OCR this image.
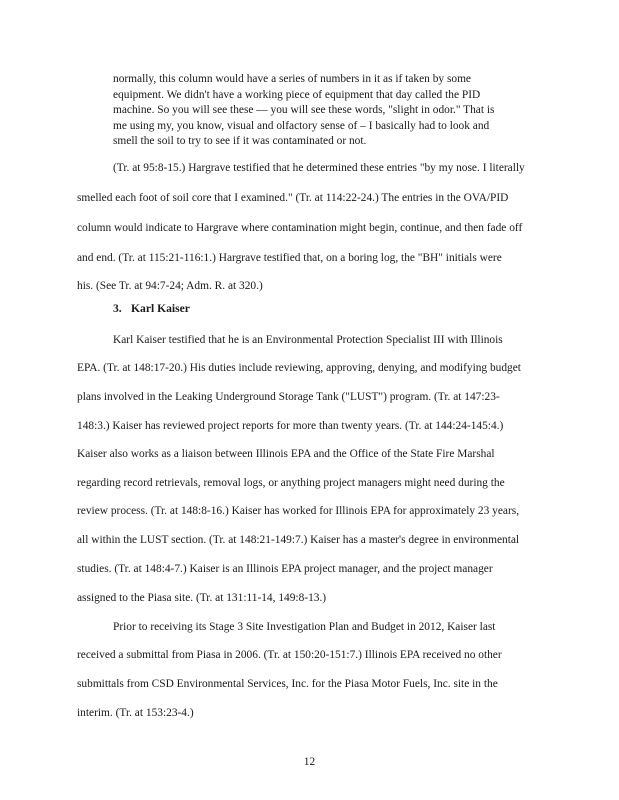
normally, this column would have a series of numbers in it as if taken by some
equipment. We didn't have a working piece of equipment that day called the PID
machine. So you will see these — you will see these words, "slight in odor." That is
me using my, you know, visual and olfactory sense of – I basically had to look and
smell the soil to try to see if it was contaminated or not.
(Tr. at 95:8-15.) Hargrave testified that he determined these entries "by my nose. I literally
smelled each foot of soil core that I examined." (Tr. at 114:22-24.) The entries in the OVA/PID
column would indicate to Hargrave where contamination might begin, continue, and then fade off
and end. (Tr. at 115:21-116:1.) Hargrave testified that, on a boring log, the "BH" initials were
his. (See Tr. at 94:7-24; Adm. R. at 320.)
3. Karl Kaiser
Karl Kaiser testified that he is an Environmental Protection Specialist III with Illinois
EPA. (Tr. at 148:17-20.) His duties include reviewing, approving, denying, and modifying budget
plans involved in the Leaking Underground Storage Tank ("LUST") program. (Tr. at 147:23-
148:3.) Kaiser has reviewed project reports for more than twenty years. (Tr. at 144:24-145:4.)
Kaiser also works as a liaison between Illinois EPA and the Office of the State Fire Marshal
regarding record retrievals, removal logs, or anything project managers might need during the
review process. (Tr. at 148:8-16.) Kaiser has worked for Illinois EPA for approximately 23 years,
all within the LUST section. (Tr. at 148:21-149:7.) Kaiser has a master's degree in environmental
studies. (Tr. at 148:4-7.) Kaiser is an Illinois EPA project manager, and the project manager
assigned to the Piasa site. (Tr. at 131:11-14, 149:8-13.)
Prior to receiving its Stage 3 Site Investigation Plan and Budget in 2012, Kaiser last
received a submittal from Piasa in 2006. (Tr. at 150:20-151:7.) Illinois EPA received no other
submittals from CSD Environmental Services, Inc. for the Piasa Motor Fuels, Inc. site in the
interim. (Tr. at 153:23-4.)
12
